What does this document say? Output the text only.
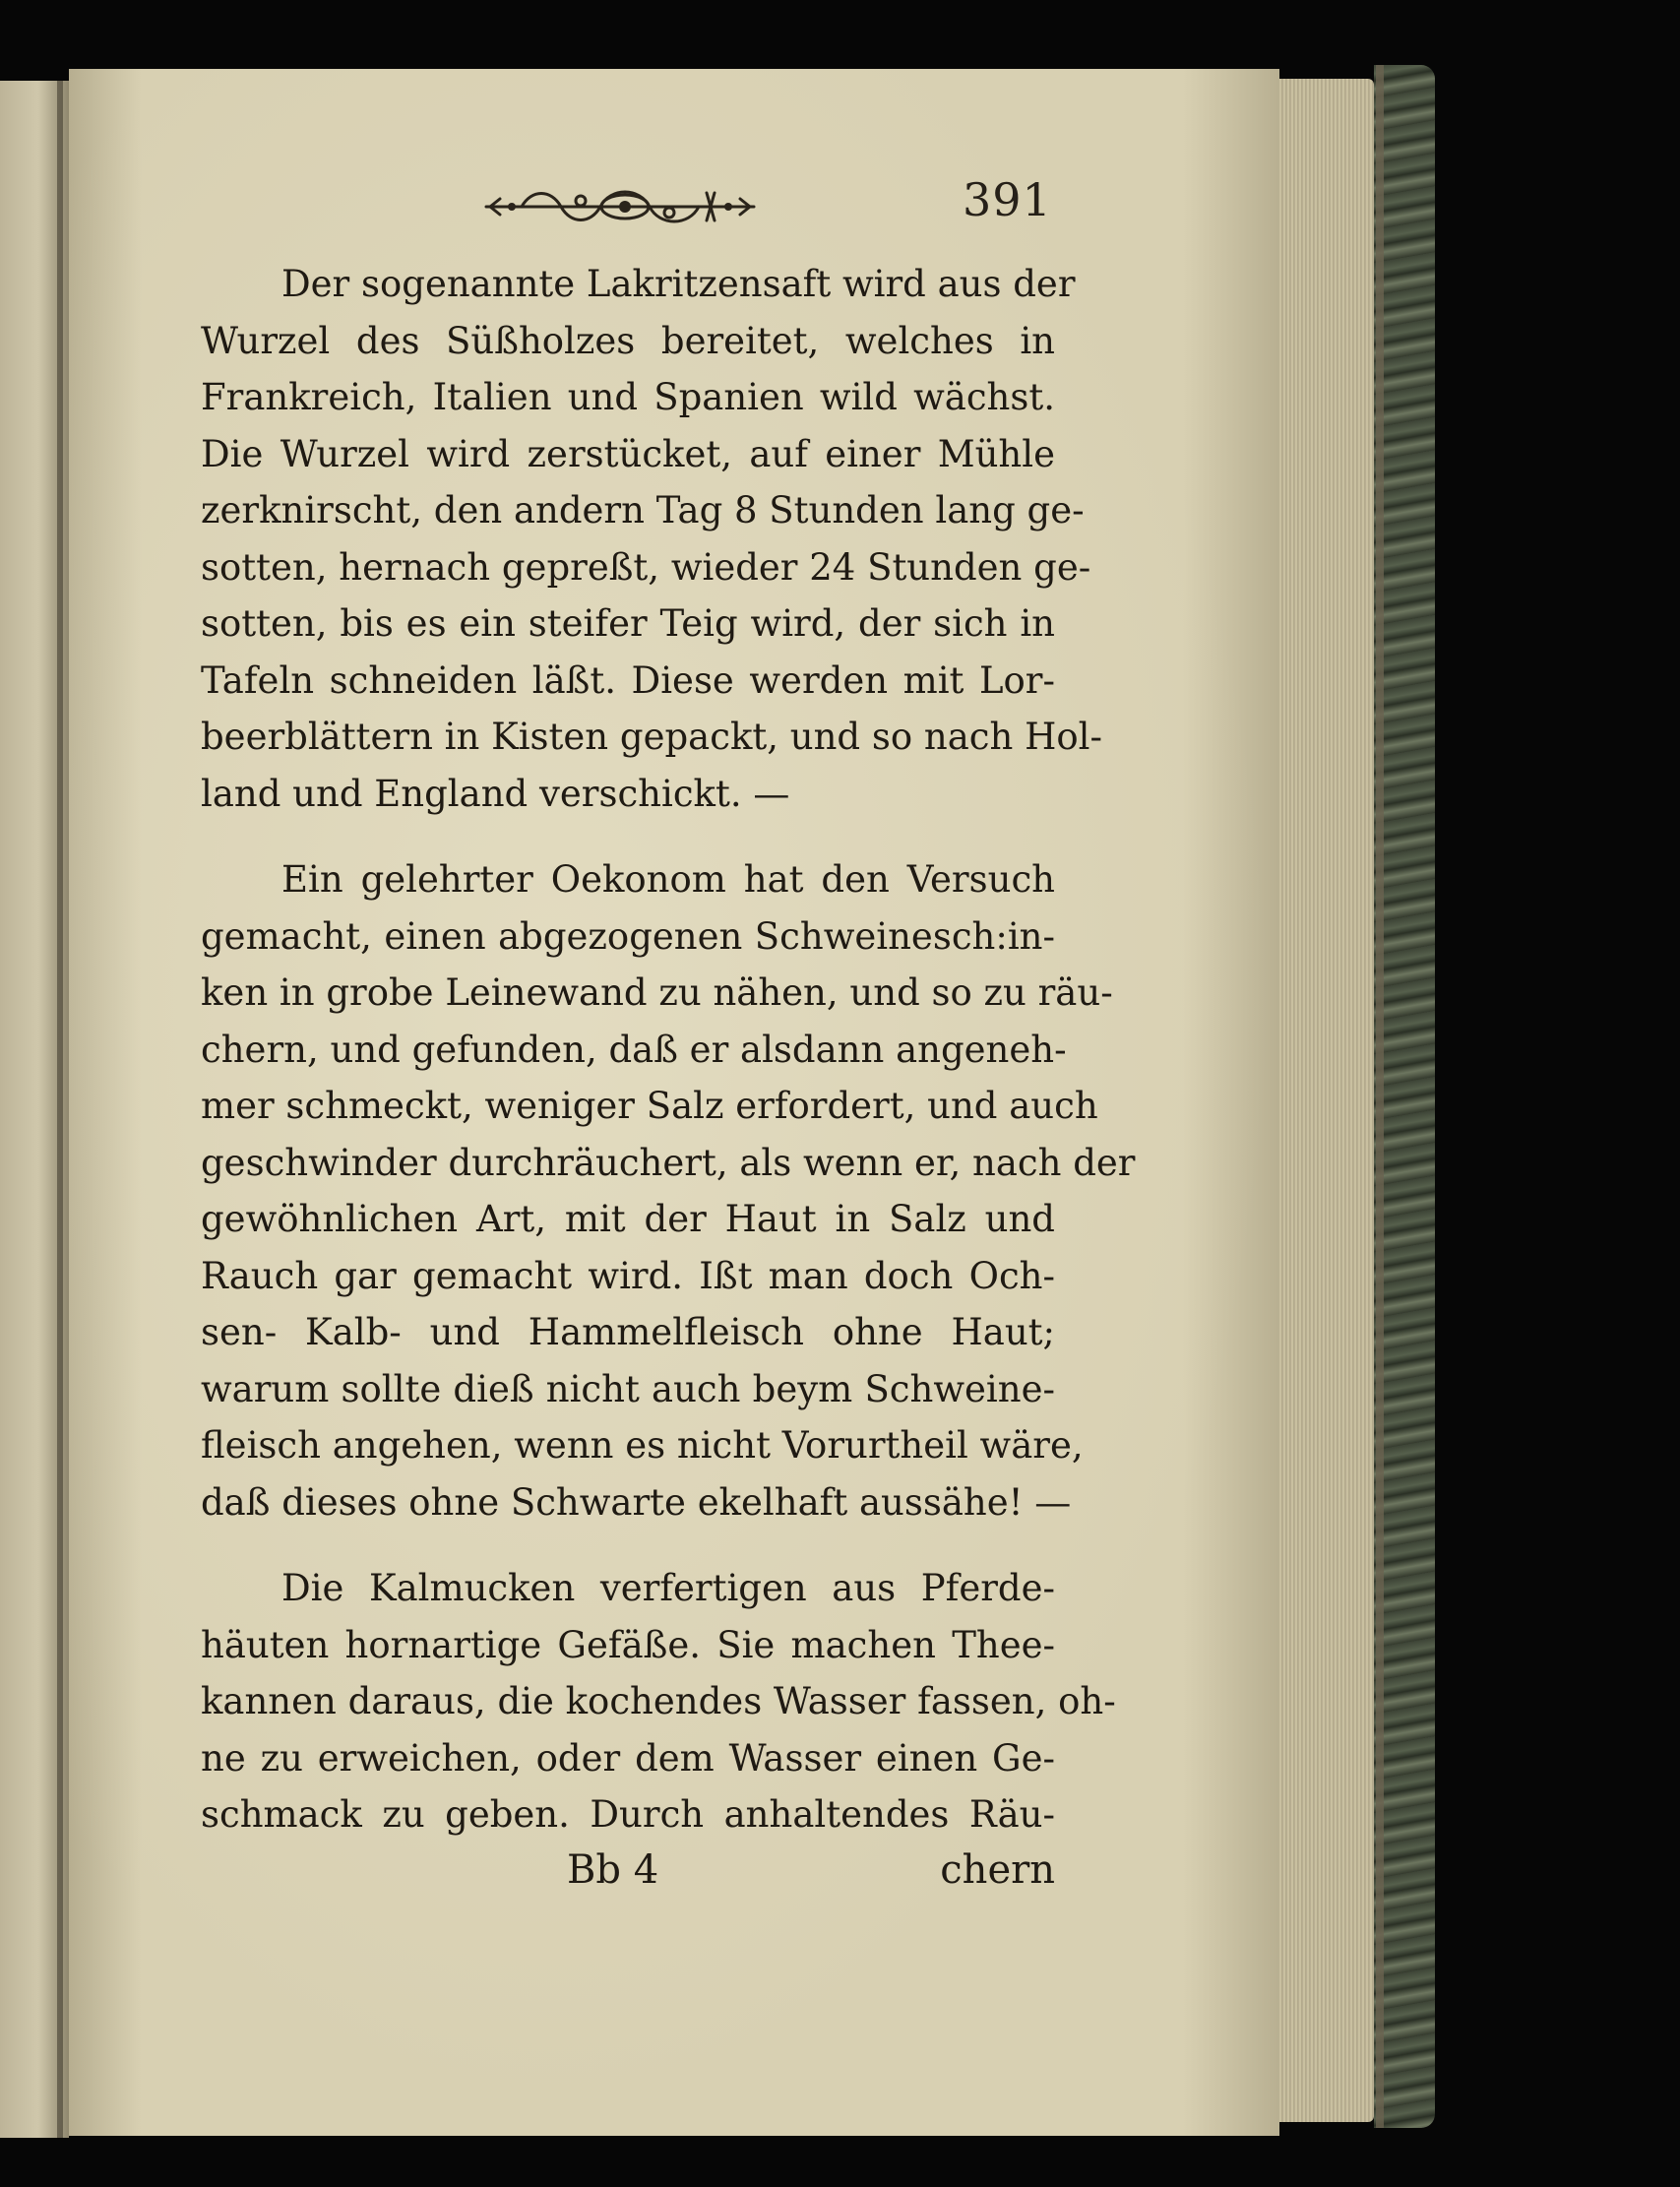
391
Der sogenannte Lakritzensaft wird aus der
Wurzel des Süßholzes bereitet, welches in
Frankreich, Italien und Spanien wild wächst.
Die Wurzel wird zerstücket, auf einer Mühle
zerknirscht, den andern Tag 8 Stunden lang ge-
sotten, hernach gepreßt, wieder 24 Stunden ge-
sotten, bis es ein steifer Teig wird, der sich in
Tafeln schneiden läßt. Diese werden mit Lor-
beerblättern in Kisten gepackt, und so nach Hol-
land und England verschickt. —
Ein gelehrter Oekonom hat den Versuch
gemacht, einen abgezogenen Schweinesch:in-
ken in grobe Leinewand zu nähen, und so zu räu-
chern, und gefunden, daß er alsdann angeneh-
mer schmeckt, weniger Salz erfordert, und auch
geschwinder durchräuchert, als wenn er, nach der
gewöhnlichen Art, mit der Haut in Salz und
Rauch gar gemacht wird. Ißt man doch Och-
sen- Kalb- und Hammelfleisch ohne Haut;
warum sollte dieß nicht auch beym Schweine-
fleisch angehen, wenn es nicht Vorurtheil wäre,
daß dieses ohne Schwarte ekelhaft aussähe! —
Die Kalmucken verfertigen aus Pferde-
häuten hornartige Gefäße. Sie machen Thee-
kannen daraus, die kochendes Wasser fassen, oh-
ne zu erweichen, oder dem Wasser einen Ge-
schmack zu geben. Durch anhaltendes Räu-
Bb 4	chern
